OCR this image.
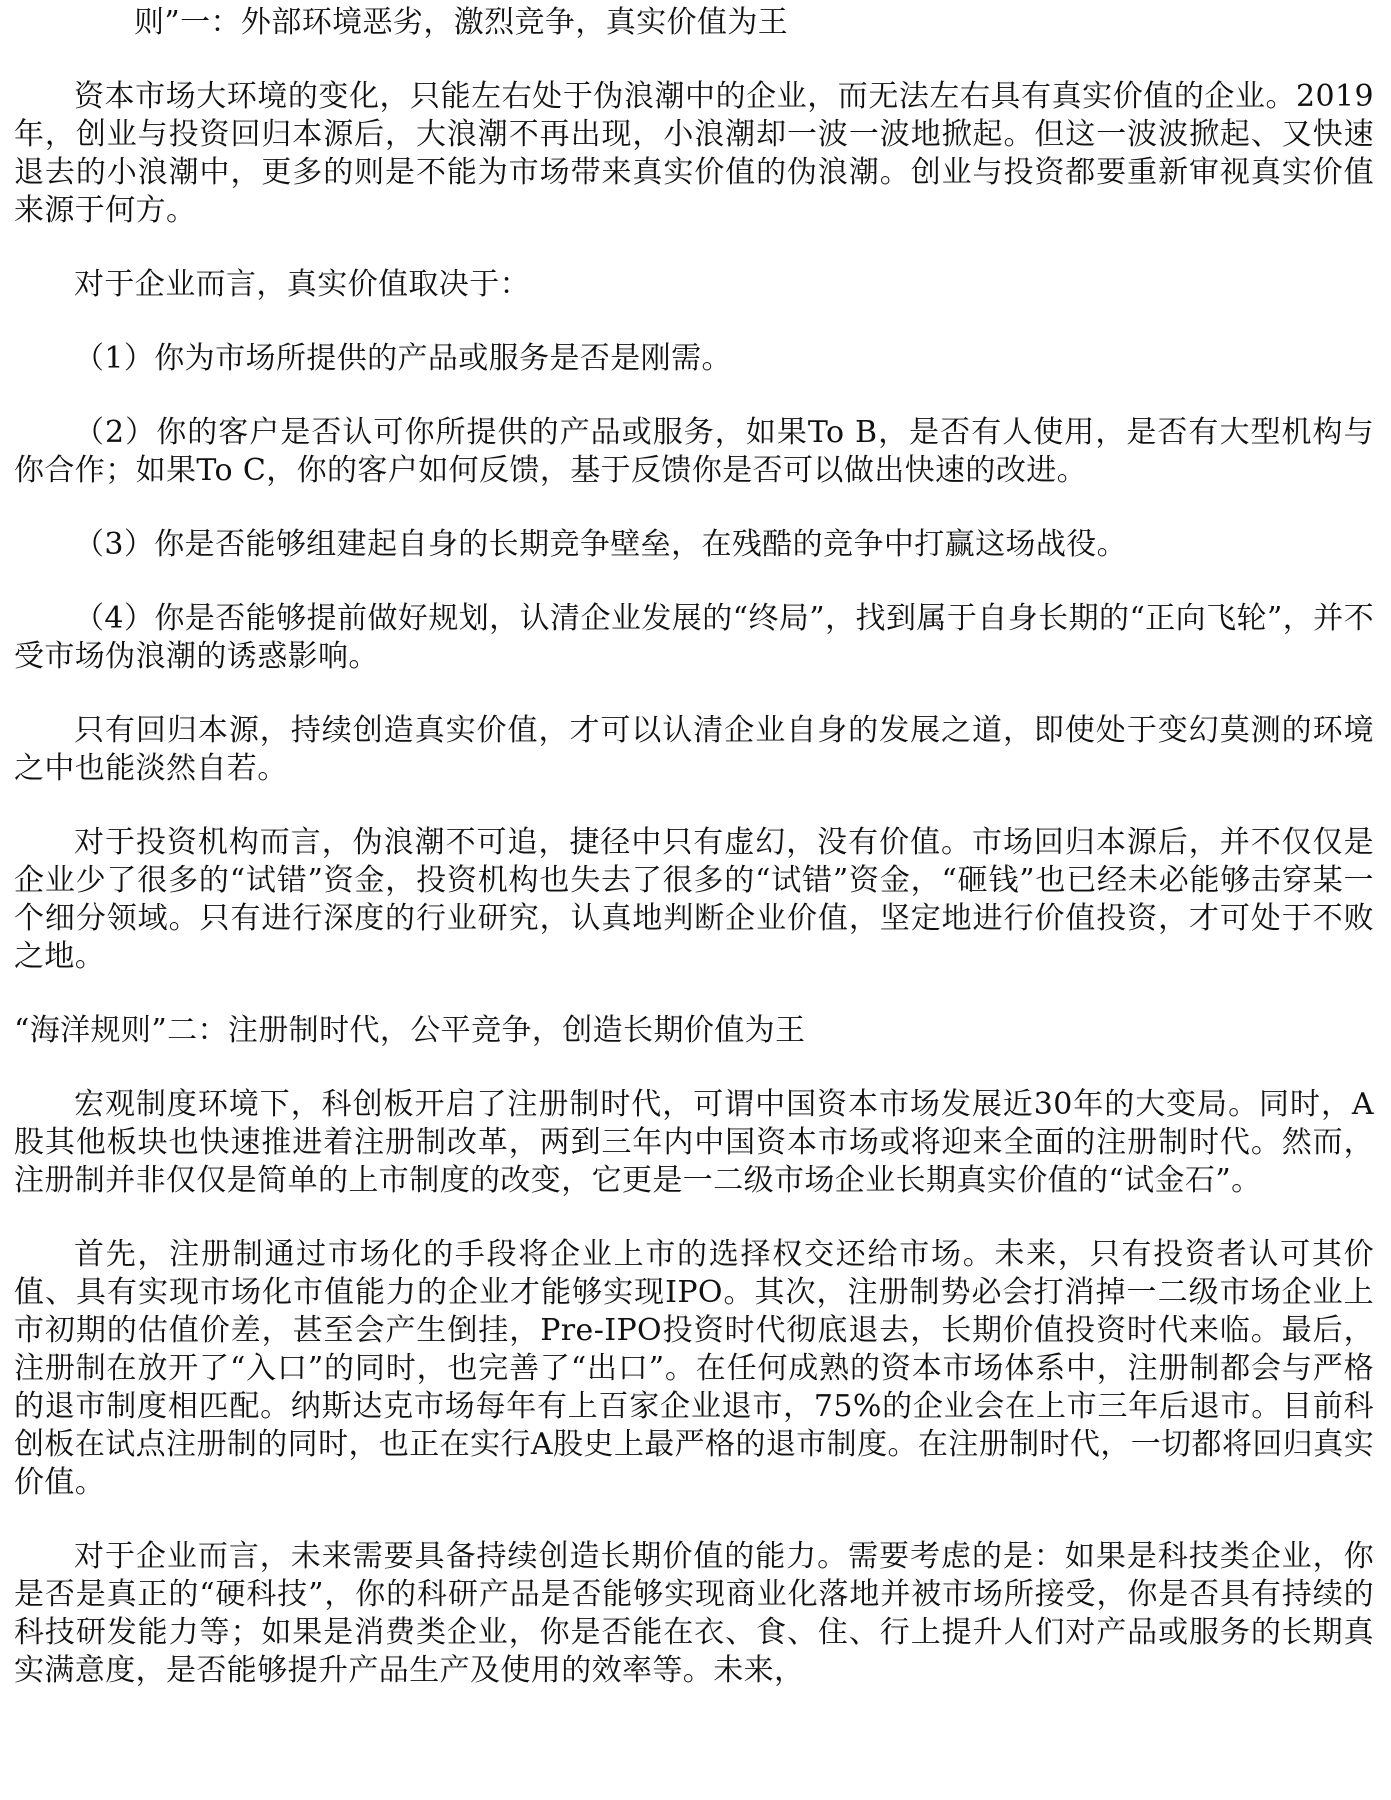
则”一：外部环境恶劣，激烈竞争，真实价值为王

资本市场大环境的变化，只能左右处于伪浪潮中的企业，而无法左右具有真实价值的企业。2019年，创业与投资回归本源后，大浪潮不再出现，小浪潮却一波一波地掀起。但这一波波掀起、又快速退去的小浪潮中，更多的则是不能为市场带来真实价值的伪浪潮。创业与投资都要重新审视真实价值来源于何方。

对于企业而言，真实价值取决于：

（1）你为市场所提供的产品或服务是否是刚需。

（2）你的客户是否认可你所提供的产品或服务，如果To B，是否有人使用，是否有大型机构与你合作；如果To C，你的客户如何反馈，基于反馈你是否可以做出快速的改进。

（3）你是否能够组建起自身的长期竞争壁垒，在残酷的竞争中打赢这场战役。

（4）你是否能够提前做好规划，认清企业发展的“终局”，找到属于自身长期的“正向飞轮”，并不受市场伪浪潮的诱惑影响。

只有回归本源，持续创造真实价值，才可以认清企业自身的发展之道，即使处于变幻莫测的环境之中也能淡然自若。

对于投资机构而言，伪浪潮不可追，捷径中只有虚幻，没有价值。市场回归本源后，并不仅仅是企业少了很多的“试错”资金，投资机构也失去了很多的“试错”资金，“砸钱”也已经未必能够击穿某一个细分领域。只有进行深度的行业研究，认真地判断企业价值，坚定地进行价值投资，才可处于不败之地。

“海洋规则”二：注册制时代，公平竞争，创造长期价值为王

宏观制度环境下，科创板开启了注册制时代，可谓中国资本市场发展近30年的大变局。同时，A股其他板块也快速推进着注册制改革，两到三年内中国资本市场或将迎来全面的注册制时代。然而，注册制并非仅仅是简单的上市制度的改变，它更是一二级市场企业长期真实价值的“试金石”。

首先，注册制通过市场化的手段将企业上市的选择权交还给市场。未来，只有投资者认可其价值、具有实现市场化市值能力的企业才能够实现IPO。其次，注册制势必会打消掉一二级市场企业上市初期的估值价差，甚至会产生倒挂，Pre-IPO投资时代彻底退去，长期价值投资时代来临。最后，注册制在放开了“入口”的同时，也完善了“出口”。在任何成熟的资本市场体系中，注册制都会与严格的退市制度相匹配。纳斯达克市场每年有上百家企业退市，75%的企业会在上市三年后退市。目前科创板在试点注册制的同时，也正在实行A股史上最严格的退市制度。在注册制时代，一切都将回归真实价值。

对于企业而言，未来需要具备持续创造长期价值的能力。需要考虑的是：如果是科技类企业，你是否是真正的“硬科技”，你的科研产品是否能够实现商业化落地并被市场所接受，你是否具有持续的科技研发能力等；如果是消费类企业，你是否能在衣、食、住、行上提升人们对产品或服务的长期真实满意度，是否能够提升产品生产及使用的效率等。未来，
